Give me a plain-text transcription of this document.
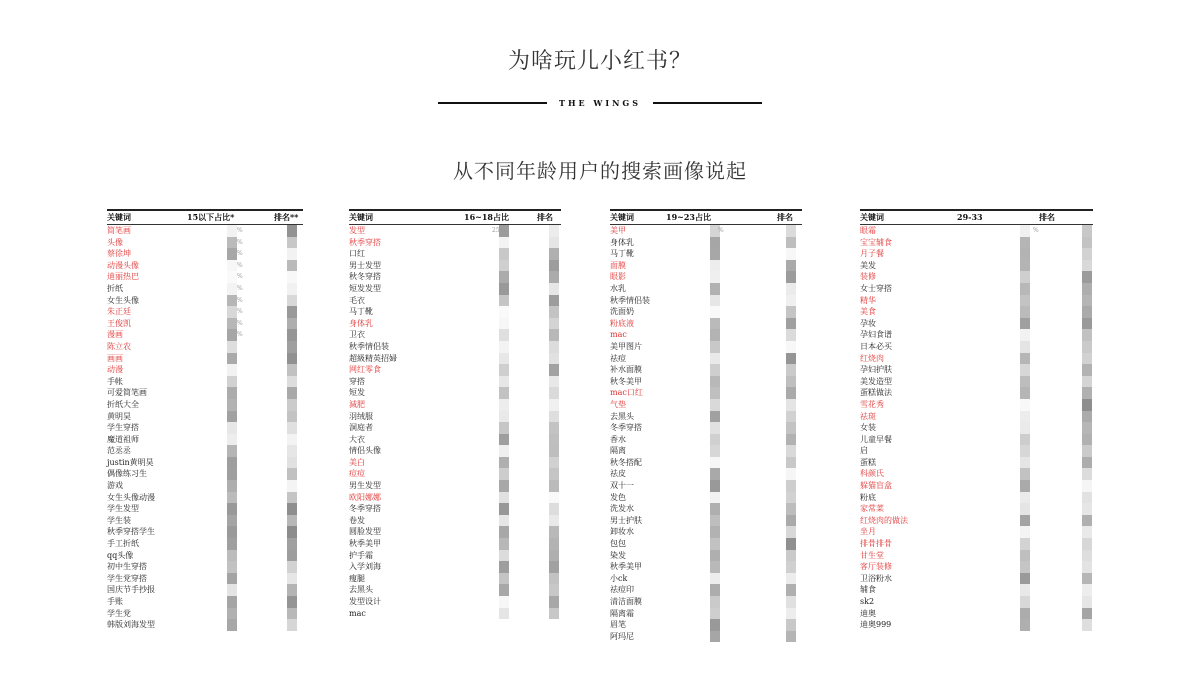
为啥玩儿小红书？
THE WINGS
从不同年龄用户的搜索画像说起
关键词	15以下占比*	排名**
简笔画	%
头像	%
蔡徐坤	%
动漫头像	%
迪丽热巴	%
折纸	%
女生头像	%
朱正廷	%
王俊凯	%
漫画	%
陈立农
画画
动漫
手帐
可爱简笔画
折纸大全
黄明昊
学生穿搭
魔道祖师
范丞丞
justin黄明昊
偶像练习生
游戏
女生头像动漫
学生发型
学生装
秋季穿搭学生
手工折纸
qq头像
初中生穿搭
学生党穿搭
国庆节手抄报
手账
学生党
韩版刘海发型
关键词	16~18占比	排名
发型	25%
秋季穿搭
口红
男士发型
秋冬穿搭
短发发型
毛衣
马丁靴
身体乳
卫衣
秋季情侣装
超級精英招婦
网红零食
穿搭
短发
減肥
羽绒服
洞庭者
大衣
情侣头像
美白
痘痘
男生发型
欧阳娜娜
冬季穿搭
卷发
圆脸发型
秋季美甲
护手霜
入学刘海
瘦腿
去黑头
发型设计
mac
关键词	19~23占比	排名
美甲	%
身体乳
马丁靴
面膜
眼影
水乳
秋季情侣装
洗面奶
粉底液
mac
美甲图片
祛痘
补水面膜
秋冬美甲
mac口红
气垫
去黑头
冬季穿搭
香水
隔离
秋冬搭配
祛皮
双十一
发色
洗发水
男士护肤
卸妆水
包包
染发
秋季美甲
小ck
祛痘印
清洁面膜
隔离霜
眉笔
阿玛尼
关键词	29-33	排名
眼霜	%
宝宝辅食
月子餐
美发
装修
女士穿搭
精华
美食
孕妆
孕妇食谱
日本必买
红烧肉
孕妇护肤
美发造型
蛋糕做法
雪花秀
祛斑
女装
儿童早餐
启
蛋糕
科颜氏
躲猫盲盒
粉底
家常菜
红烧肉的做法
坐月
排骨排骨
甘生堂
客厅装修
卫浴粉水
辅食
sk2
迪奥
迪奥999
